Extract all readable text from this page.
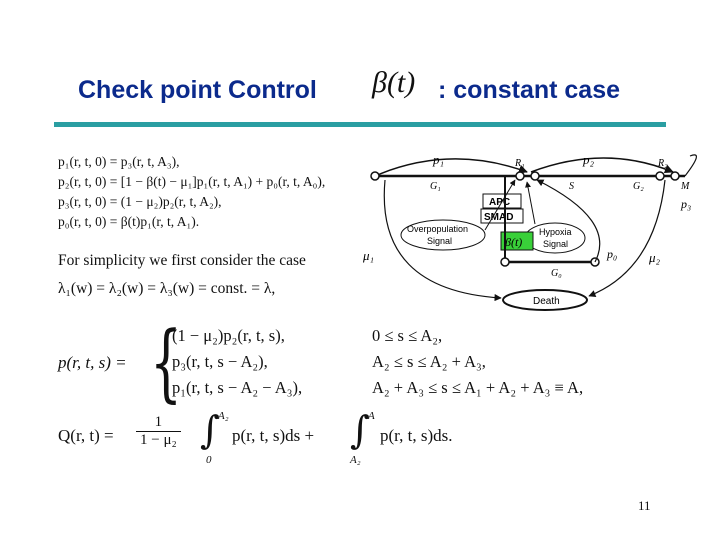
Check point Control β(t) : constant case
p₁(r, t, 0) = p₃(r, t, A₃),
p₂(r, t, 0) = [1 − β(t) − μ₁]p₁(r, t, A₁) + p₀(r, t, A₀),
p₃(r, t, 0) = (1 − μ₂)p₂(r, t, A₂),
p₀(r, t, 0) = β(t)p₁(r, t, A₁).
For simplicity we first consider the case
λ₁(w) = λ₂(w) = λ₃(w) = const. = λ,
p(r, t, s) = {
(1 − μ₂)p₂(r, t, s),	0 ≤ s ≤ A₂,
p₃(r, t, s − A₂),	A₂ ≤ s ≤ A₂ + A₃,
p₁(r, t, s − A₂ − A₃),	A₂ + A₃ ≤ s ≤ A₁ + A₂ + A₃ ≡ A,
Q(r, $t) = \frac{1}{\text{1 − μ₂}}$ ∫
A₂
0
p(r, t, s)ds + ∫
A
A₂
p(r, t, s)ds.
p₁	p₂
p₃
R₁	R₂
G₁	S	G₂	M
APC
SMAD
Overpopulation
Signal
Hypoxia
Signal
β(t)
G₀
p₀
Death
μ₁	μ₂
11
